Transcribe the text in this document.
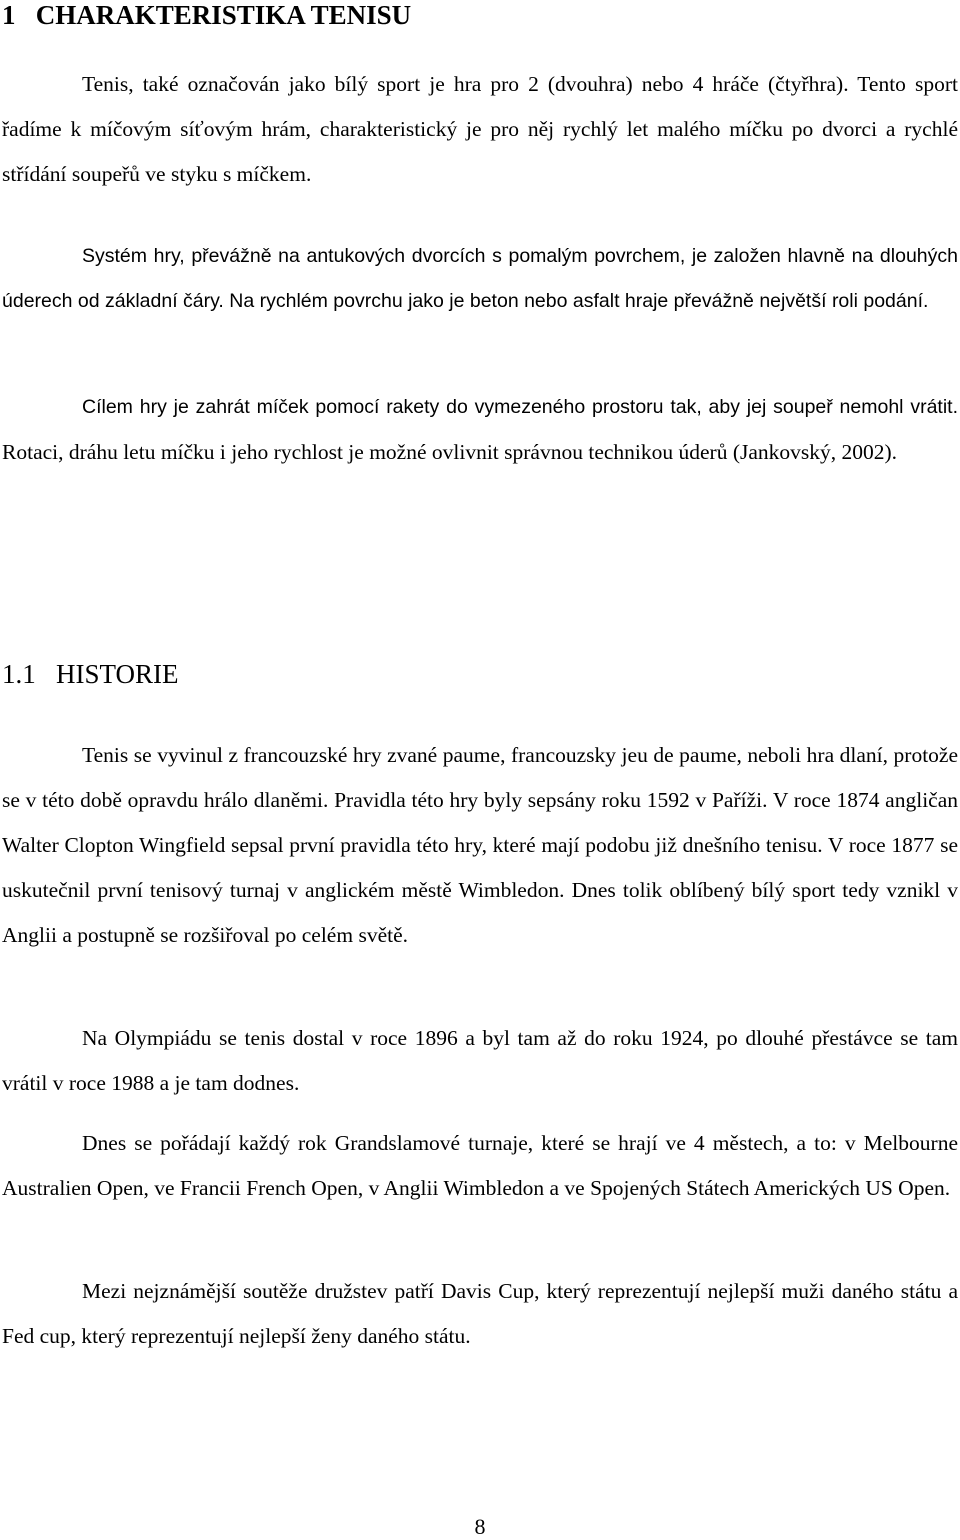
1 CHARAKTERISTIKA TENISU

Tenis, také označován jako bílý sport je hra pro 2 (dvouhra) nebo 4 hráče (čtyřhra). Tento sport řadíme k míčovým síťovým hrám, charakteristický je pro něj rychlý let malého míčku po dvorci a rychlé střídání soupeřů ve styku s míčkem.

Systém hry, převážně na antukových dvorcích s pomalým povrchem, je založen hlavně na dlouhých úderech od základní čáry. Na rychlém povrchu jako je beton nebo asfalt hraje převážně největší roli podání.

Cílem hry je zahrát míček pomocí rakety do vymezeného prostoru tak, aby jej soupeř nemohl vrátit. Rotaci, dráhu letu míčku i jeho rychlost je možné ovlivnit správnou technikou úderů (Jankovský, 2002).

1.1 HISTORIE

Tenis se vyvinul z francouzské hry zvané paume, francouzsky jeu de paume, neboli hra dlaní, protože se v této době opravdu hrálo dlaněmi. Pravidla této hry byly sepsány roku 1592 v Paříži. V roce 1874 angličan Walter Clopton Wingfield sepsal první pravidla této hry, které mají podobu již dnešního tenisu. V roce 1877 se uskutečnil první tenisový turnaj v anglickém městě Wimbledon. Dnes tolik oblíbený bílý sport tedy vznikl v Anglii a postupně se rozšiřoval po celém světě.

Na Olympiádu se tenis dostal v roce 1896 a byl tam až do roku 1924, po dlouhé přestávce se tam vrátil v roce 1988 a je tam dodnes.

Dnes se pořádají každý rok Grandslamové turnaje, které se hrají ve 4 městech, a to: v Melbourne Australien Open, ve Francii French Open, v Anglii Wimbledon a ve Spojených Státech Amerických US Open.

Mezi nejznámější soutěže družstev patří Davis Cup, který reprezentují nejlepší muži daného státu a Fed cup, který reprezentují nejlepší ženy daného státu.

8
